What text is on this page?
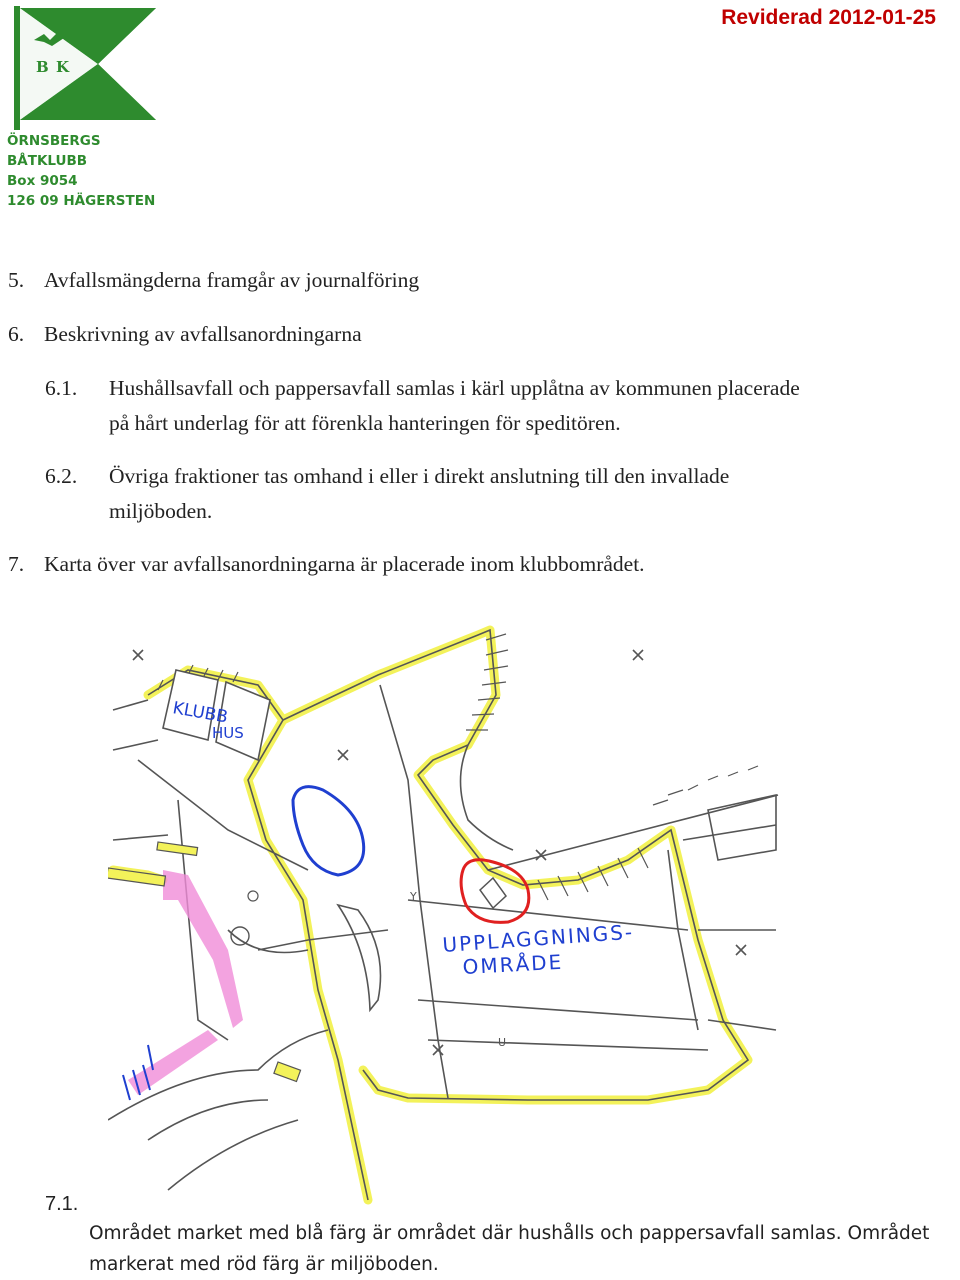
B K
ÖRNSBERGS
BÅTKLUBB
Box 9054
126 09 HÄGERSTEN
Reviderad 2012-01-25
5. Avfallsmängderna framgår av journalföring
6. Beskrivning av avfallsanordningarna
6.1. Hushållsavfall och pappersavfall samlas i kärl upplåtna av kommunen placerade
på hårt underlag för att förenkla hanteringen för speditören.
6.2. Övriga fraktioner tas omhand i eller i direkt anslutning till den invallade
miljöboden.
7. Karta över var avfallsanordningarna är placerade inom klubbområdet.
KLUBB
HUS
UPPLAGGNINGS-
OMRÅDE
Y
U
7.1.
Området market med blå färg är området där hushålls och pappersavfall samlas. Området
markerat med röd färg är miljöboden.
